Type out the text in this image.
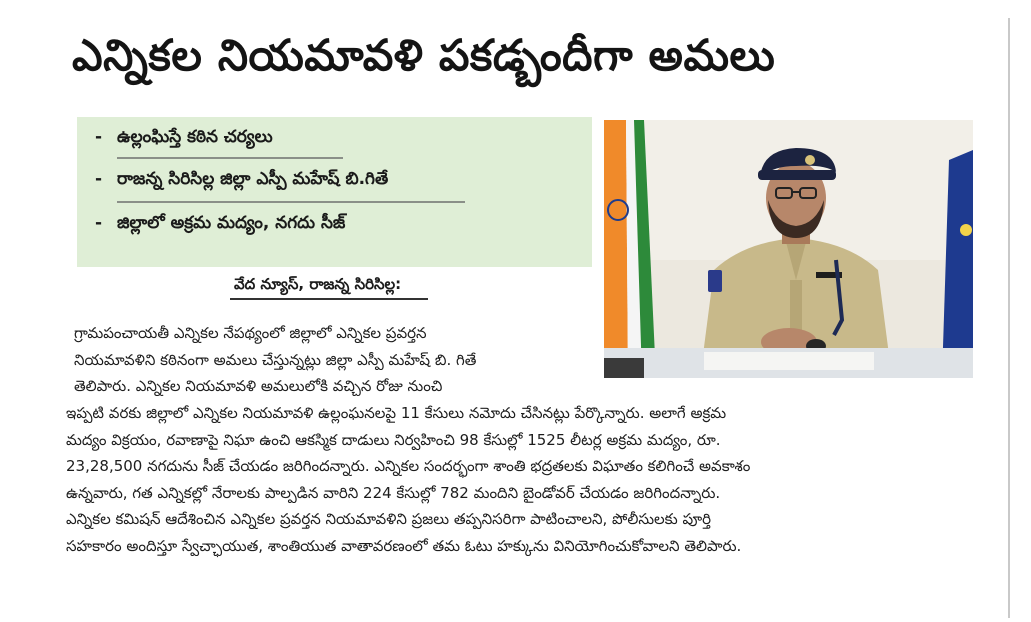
ఎన్నికల నియమావళి పకడ్బందీగా అమలు
- ఉల్లంఘిస్తే కఠిన చర్యలు
- రాజన్న సిరిసిల్ల జిల్లా ఎస్పీ మహేష్ బి.గితే
- జిల్లాలో అక్రమ మద్యం, నగదు సీజ్
వేద న్యూస్, రాజన్న సిరిసిల్ల:
గ్రామపంచాయతీ ఎన్నికల నేపథ్యంలో జిల్లాలో ఎన్నికల ప్రవర్తన
నియమావళిని కఠినంగా అమలు చేస్తున్నట్లు జిల్లా ఎస్పీ మహేష్ బి. గితే
తెలిపారు. ఎన్నికల నియమావళి అమలులోకి వచ్చిన రోజు నుంచి
ఇప్పటి వరకు జిల్లాలో ఎన్నికల నియమావళి ఉల్లంఘనలపై 11 కేసులు నమోదు చేసినట్లు పేర్కొన్నారు. అలాగే అక్రమ
మద్యం విక్రయం, రవాణాపై నిఘా ఉంచి ఆకస్మిక దాడులు నిర్వహించి 98 కేసుల్లో 1525 లీటర్ల అక్రమ మద్యం, రూ.
23,28,500 నగదును సీజ్ చేయడం జరిగిందన్నారు. ఎన్నికల సందర్భంగా శాంతి భద్రతలకు విఘాతం కలిగించే అవకాశం
ఉన్నవారు, గత ఎన్నికల్లో నేరాలకు పాల్పడిన వారిని 224 కేసుల్లో 782 మందిని బైండోవర్ చేయడం జరిగిందన్నారు.
ఎన్నికల కమిషన్ ఆదేశించిన ఎన్నికల ప్రవర్తన నియమావళిని ప్రజలు తప్పనిసరిగా పాటించాలని, పోలీసులకు పూర్తి
సహకారం అందిస్తూ స్వేచ్ఛాయుత, శాంతియుత వాతావరణంలో తమ ఓటు హక్కును వినియోగించుకోవాలని తెలిపారు.
